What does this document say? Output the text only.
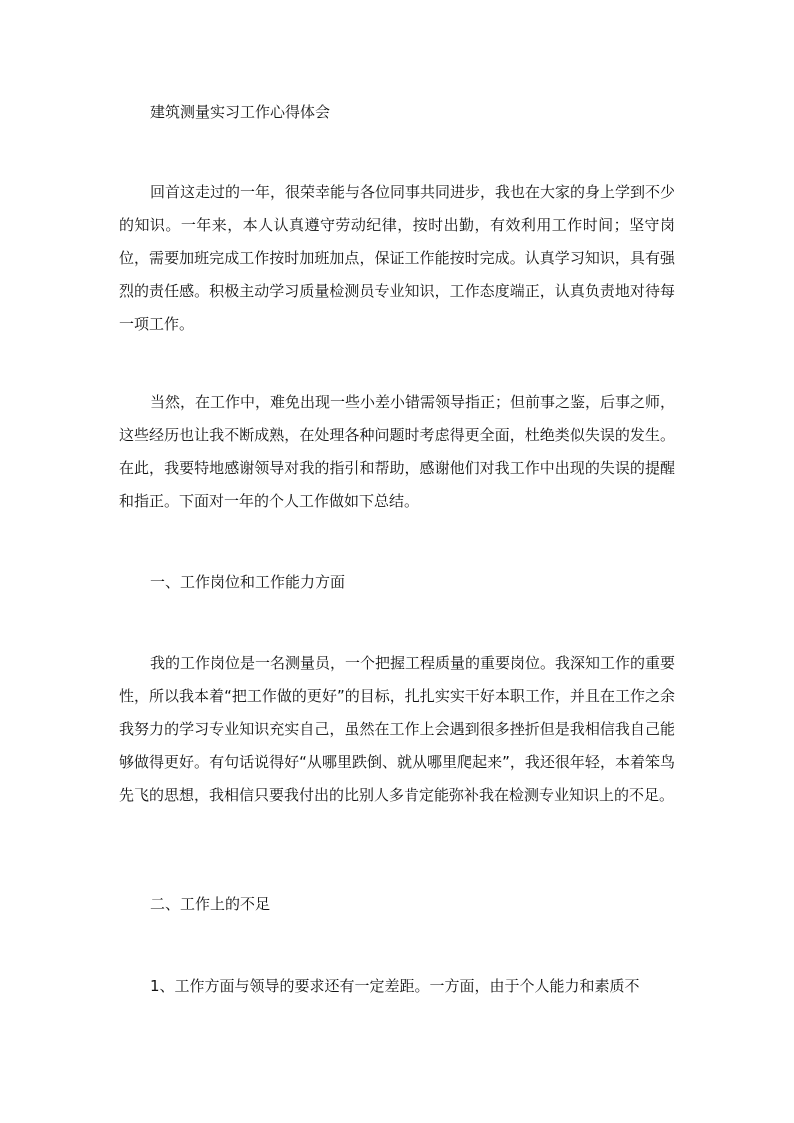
建筑测量实习工作心得体会

回首这走过的一年，很荣幸能与各位同事共同进步，我也在大家的身上学到不少的知识。一年来，本人认真遵守劳动纪律，按时出勤，有效利用工作时间；坚守岗位，需要加班完成工作按时加班加点，保证工作能按时完成。认真学习知识，具有强烈的责任感。积极主动学习质量检测员专业知识，工作态度端正，认真负责地对待每一项工作。

当然，在工作中，难免出现一些小差小错需领导指正；但前事之鉴，后事之师，这些经历也让我不断成熟，在处理各种问题时考虑得更全面，杜绝类似失误的发生。在此，我要特地感谢领导对我的指引和帮助，感谢他们对我工作中出现的失误的提醒和指正。下面对一年的个人工作做如下总结。

一、工作岗位和工作能力方面

我的工作岗位是一名测量员，一个把握工程质量的重要岗位。我深知工作的重要性，所以我本着“把工作做的更好”的目标，扎扎实实干好本职工作，并且在工作之余我努力的学习专业知识充实自己，虽然在工作上会遇到很多挫折但是我相信我自己能够做得更好。有句话说得好“从哪里跌倒、就从哪里爬起来”，我还很年轻，本着笨鸟先飞的思想，我相信只要我付出的比别人多肯定能弥补我在检测专业知识上的不足。

二、工作上的不足

1、工作方面与领导的要求还有一定差距。一方面，由于个人能力和素质不
